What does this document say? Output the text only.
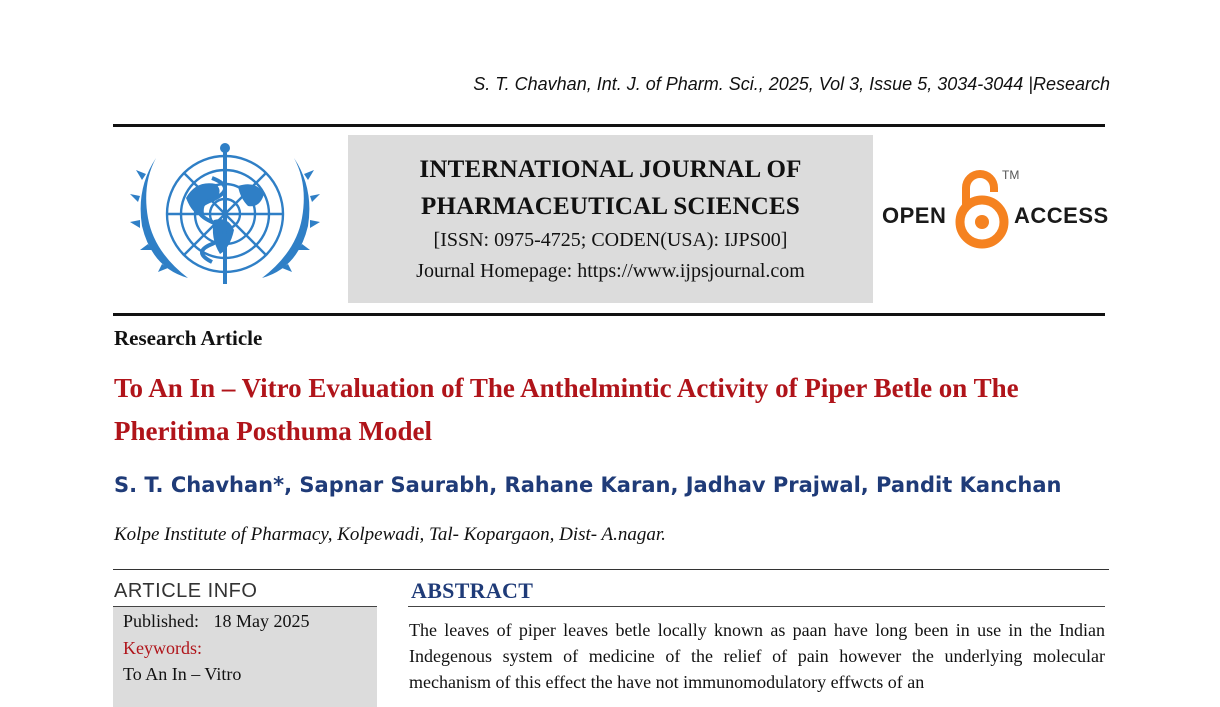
S. T. Chavhan, Int. J. of Pharm. Sci., 2025, Vol 3, Issue 5, 3034-3044 |Research
INTERNATIONAL JOURNAL OF
PHARMACEUTICAL SCIENCES
[ISSN: 0975-4725; CODEN(USA): IJPS00]
Journal Homepage: https://www.ijpsjournal.com
OPEN	ACCESS
TM
Research Article
To An In – Vitro Evaluation of The Anthelmintic Activity of Piper Betle on The Pheritima Posthuma Model
S. T. Chavhan*, Sapnar Saurabh, Rahane Karan, Jadhav Prajwal, Pandit Kanchan
Kolpe Institute of Pharmacy, Kolpewadi, Tal- Kopargaon, Dist- A.nagar.
ARTICLE INFO
Published: 18 May 2025
Keywords:
To An In – Vitro
ABSTRACT
The leaves of piper leaves betle locally known as paan have long been in use in the Indian Indegenous system of medicine of the relief of pain however the underlying molecular mechanism of this effect the have not immunomodulatory effwcts of an
